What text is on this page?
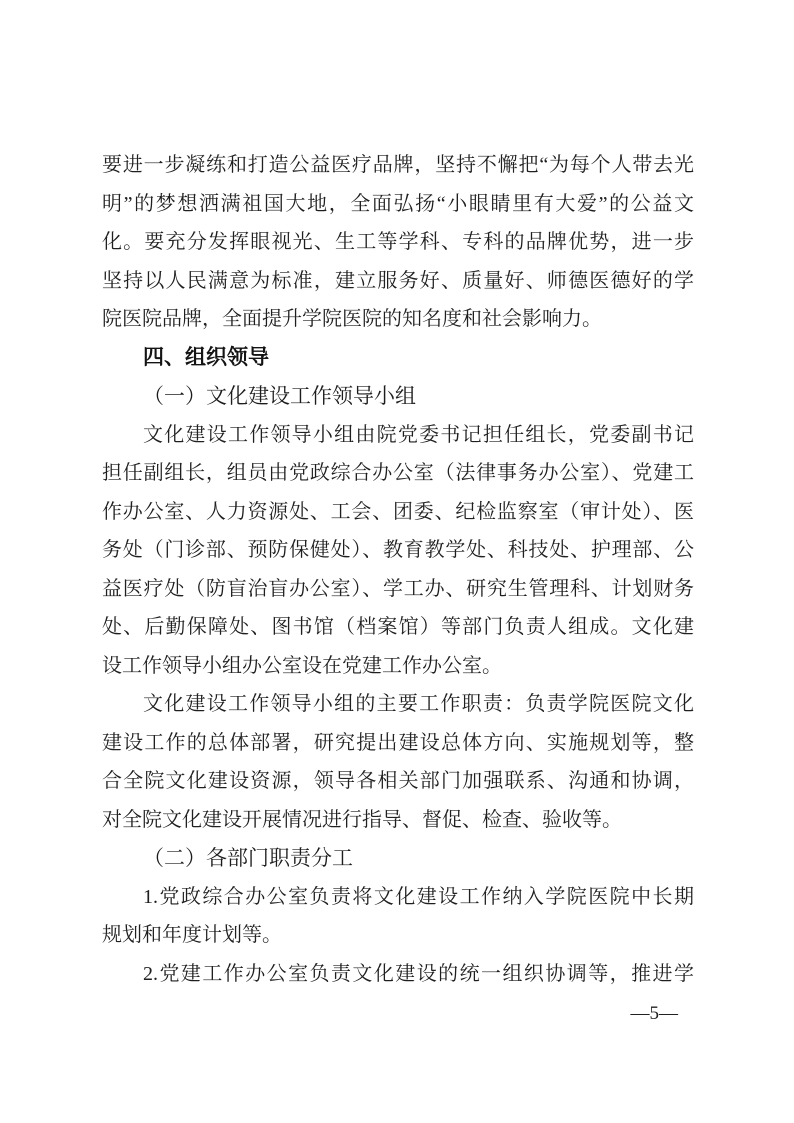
要进一步凝练和打造公益医疗品牌，坚持不懈把“为每个人带去光
明”的梦想洒满祖国大地，全面弘扬“小眼睛里有大爱”的公益文
化。要充分发挥眼视光、生工等学科、专科的品牌优势，进一步
坚持以人民满意为标准，建立服务好、质量好、师德医德好的学
院医院品牌，全面提升学院医院的知名度和社会影响力。
四、组织领导
（一）文化建设工作领导小组
文化建设工作领导小组由院党委书记担任组长，党委副书记
担任副组长，组员由党政综合办公室（法律事务办公室）、党建工
作办公室、人力资源处、工会、团委、纪检监察室（审计处）、医
务处（门诊部、预防保健处）、教育教学处、科技处、护理部、公
益医疗处（防盲治盲办公室）、学工办、研究生管理科、计划财务
处、后勤保障处、图书馆（档案馆）等部门负责人组成。文化建
设工作领导小组办公室设在党建工作办公室。
文化建设工作领导小组的主要工作职责：负责学院医院文化
建设工作的总体部署，研究提出建设总体方向、实施规划等，整
合全院文化建设资源，领导各相关部门加强联系、沟通和协调，
对全院文化建设开展情况进行指导、督促、检查、验收等。
（二）各部门职责分工
1.党政综合办公室负责将文化建设工作纳入学院医院中长期
规划和年度计划等。
2.党建工作办公室负责文化建设的统一组织协调等，推进学
—5—
